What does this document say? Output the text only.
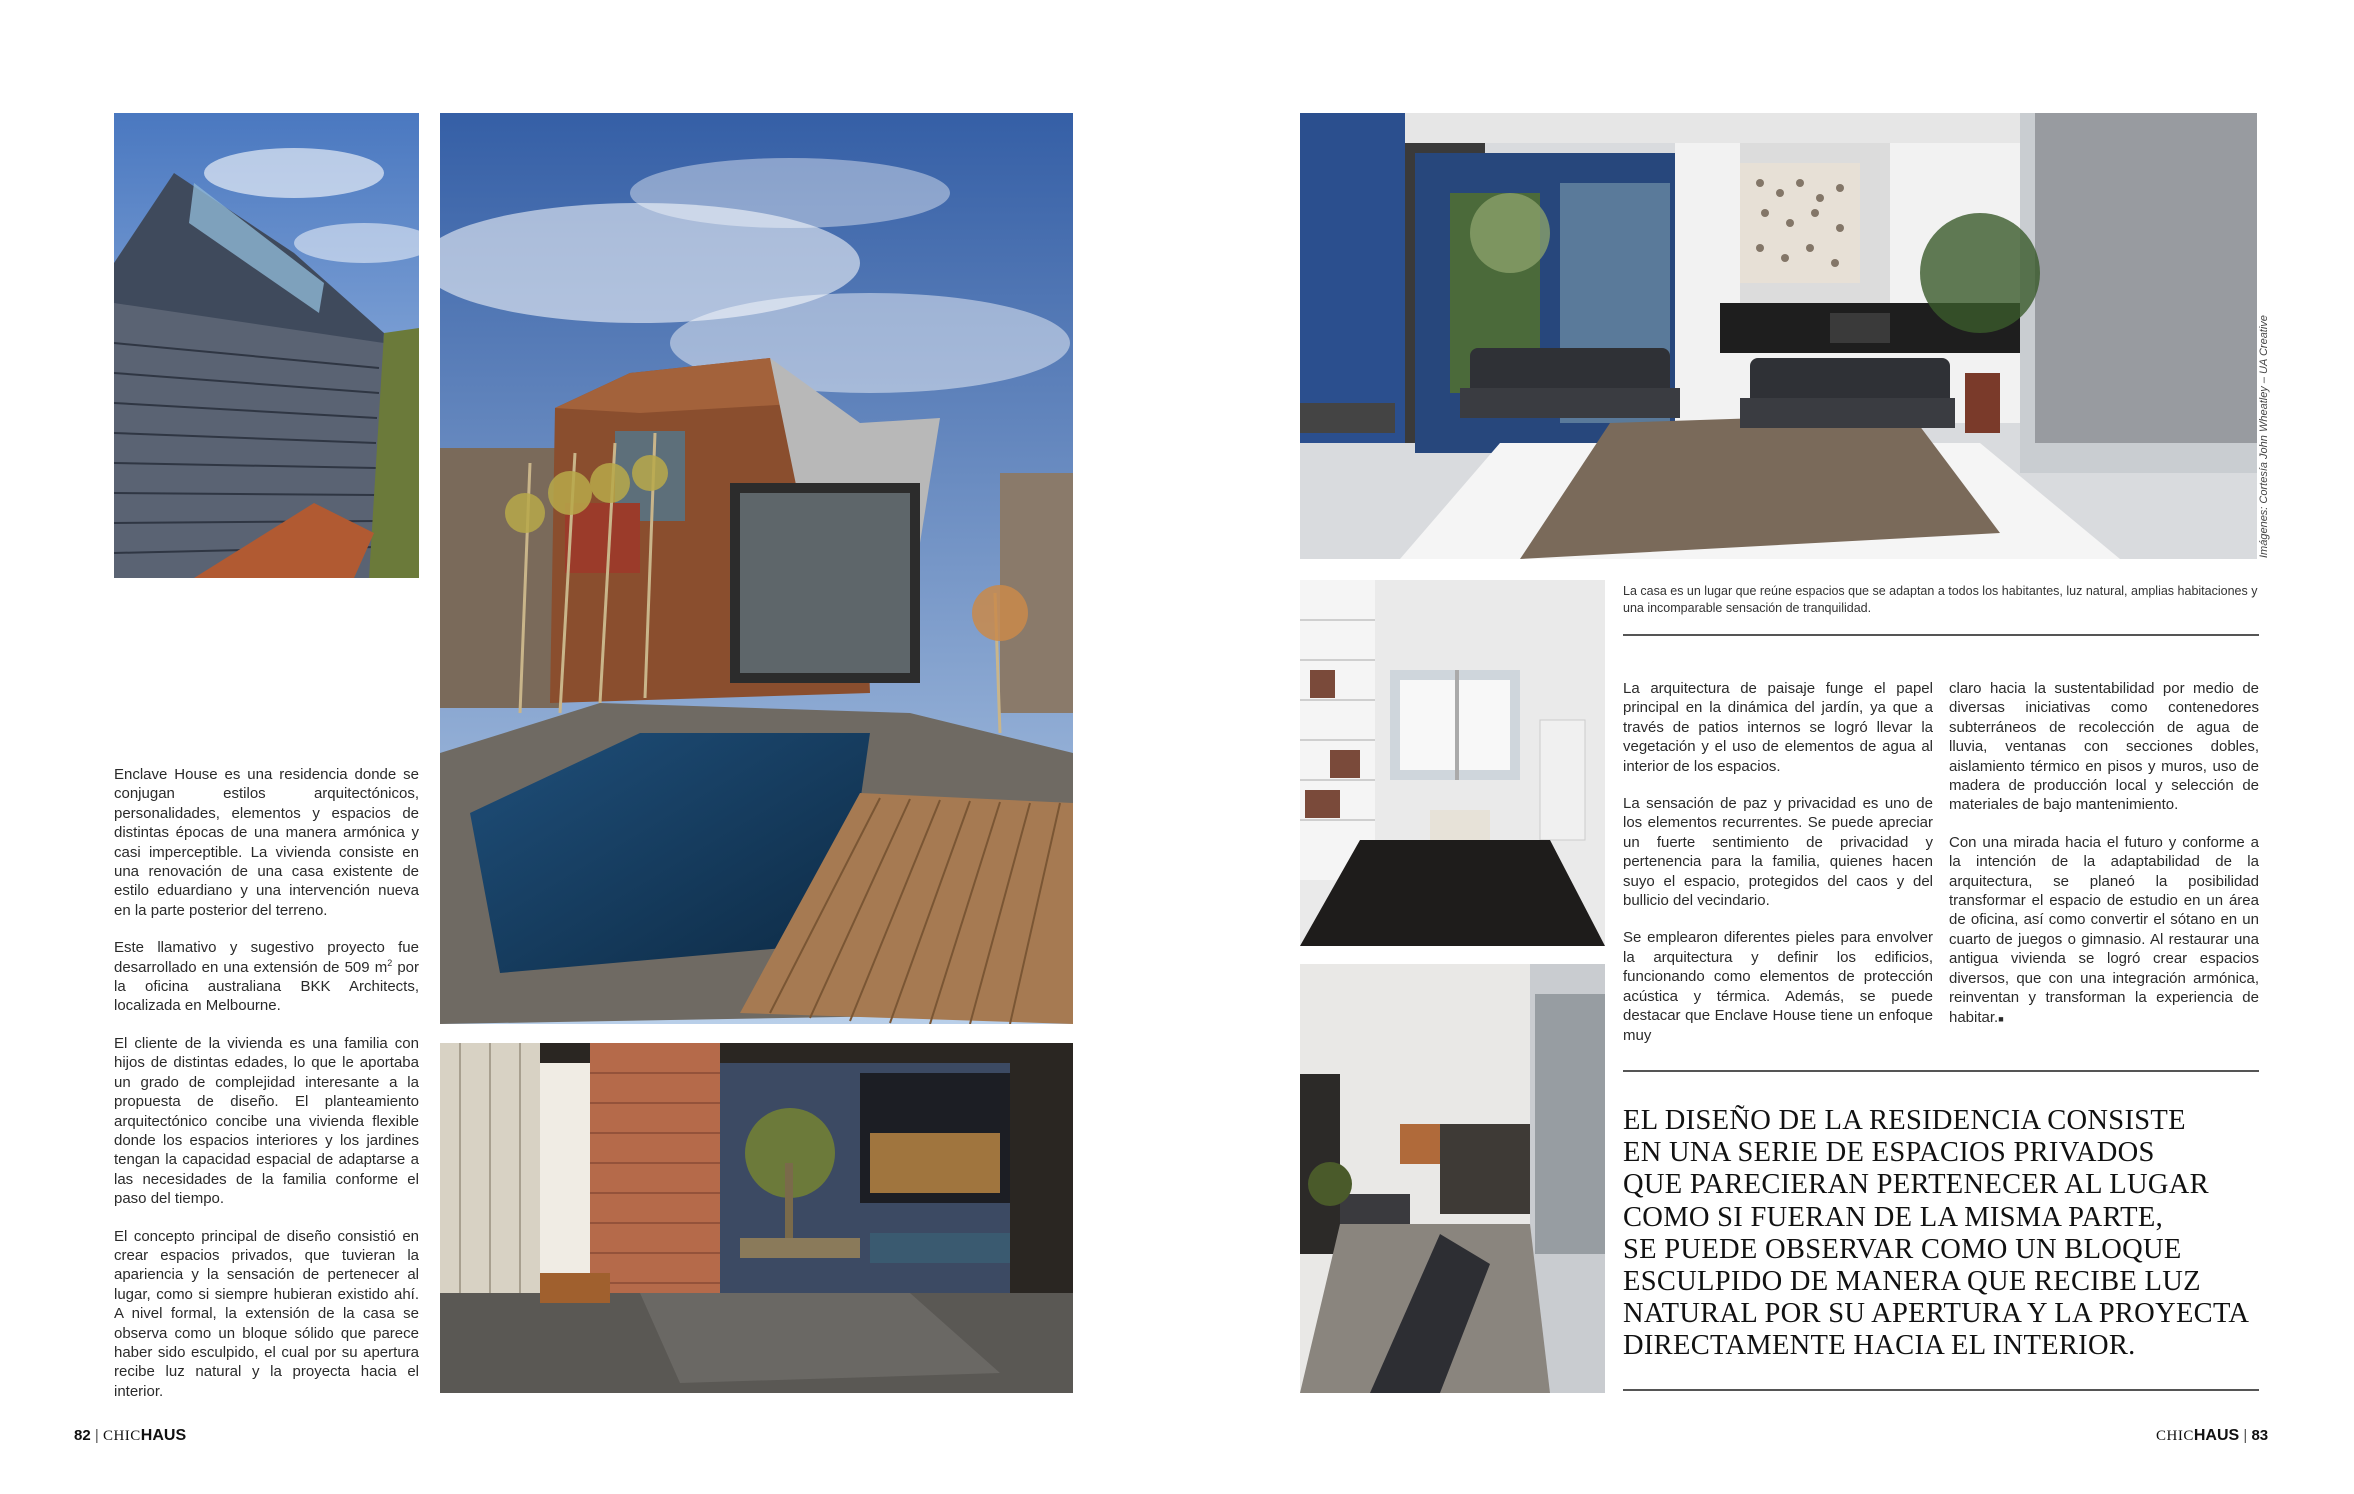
Enclave House es una residencia donde se conjugan estilos arquitectónicos, personalidades, elementos y espacios de distintas épocas de una manera armónica y casi imperceptible. La vivienda consiste en una renovación de una casa existente de estilo eduardiano y una intervención nueva en la parte posterior del terreno.

Este llamativo y sugestivo proyecto fue desarrollado en una extensión de 509 $m^2$ por la oficina australiana BKK Architects, localizada en Melbourne.

El cliente de la vivienda es una familia con hijos de distintas edades, lo que le aportaba un grado de complejidad interesante a la propuesta de diseño. El planteamiento arquitectónico concibe una vivienda flexible donde los espacios interiores y los jardines tengan la capacidad espacial de adaptarse a las necesidades de la familia conforme el paso del tiempo.

El concepto principal de diseño consistió en crear espacios privados, que tuvieran la apariencia y la sensación de pertenecer al lugar, como si siempre hubieran existido ahí. A nivel formal, la extensión de la casa se observa como un bloque sólido que parece haber sido esculpido, el cual por su apertura recibe luz natural y la proyecta hacia el interior.

82 | CHICHAUS
Imágenes: Cortesía John Wheatley – UA Creative
La casa es un lugar que reúne espacios que se adaptan a todos los habitantes, luz natural, amplias habitaciones y una incomparable sensación de tranquilidad.

La arquitectura de paisaje funge el papel principal en la dinámica del jardín, ya que a través de patios internos se logró llevar la vegetación y el uso de elementos de agua al interior de los espacios.

La sensación de paz y privacidad es uno de los elementos recurrentes. Se puede apreciar un fuerte sentimiento de privacidad y pertenencia para la familia, quienes hacen suyo el espacio, protegidos del caos y del bullicio del vecindario.

Se emplearon diferentes pieles para envolver la arquitectura y definir los edificios, funcionando como elementos de protección acústica y térmica. Además, se puede destacar que Enclave House tiene un enfoque muy

claro hacia la sustentabilidad por medio de diversas iniciativas como contenedores subterráneos de recolección de agua de lluvia, ventanas con secciones dobles, aislamiento térmico en pisos y muros, uso de madera de producción local y selección de materiales de bajo mantenimiento.

Con una mirada hacia el futuro y conforme a la intención de la adaptabilidad de la arquitectura, se planeó la posibilidad transformar el espacio de estudio en un área de oficina, así como convertir el sótano en un cuarto de juegos o gimnasio. Al restaurar una antigua vivienda se logró crear espacios diversos, que con una integración armónica, reinventan y transforman la experiencia de habitar.■

EL DISEÑO DE LA RESIDENCIA CONSISTE
EN UNA SERIE DE ESPACIOS PRIVADOS
QUE PARECIERAN PERTENECER AL LUGAR
COMO SI FUERAN DE LA MISMA PARTE,
SE PUEDE OBSERVAR COMO UN BLOQUE
ESCULPIDO DE MANERA QUE RECIBE LUZ
NATURAL POR SU APERTURA Y LA PROYECTA
DIRECTAMENTE HACIA EL INTERIOR.
CHICHAUS | 83
